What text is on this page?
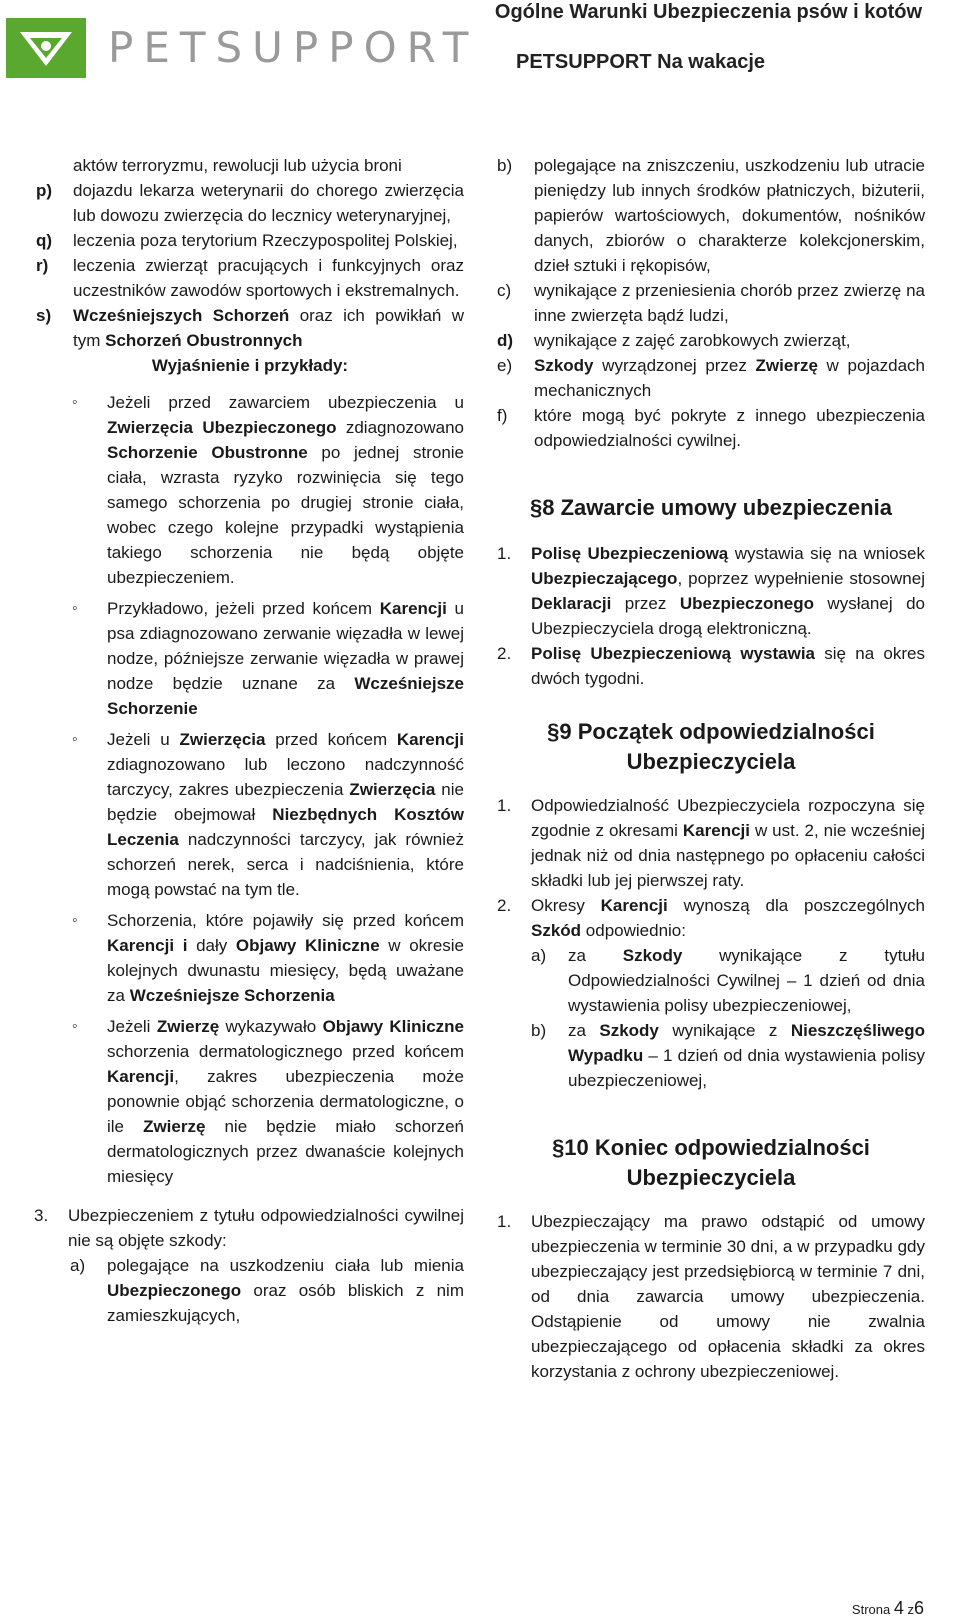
PETSUPPORT
Ogólne Warunki Ubezpieczenia psów i kotów
PETSUPPORT Na wakacje
aktów terroryzmu, rewolucji lub użycia broni
p)	dojazdu lekarza weterynarii do chorego zwierzęcia lub dowozu zwierzęcia do lecznicy weterynaryjnej,
q)	leczenia poza terytorium Rzeczypospolitej Polskiej,
r)	leczenia zwierząt pracujących i funkcyjnych oraz uczestników zawodów sportowych i ekstremalnych.
s)	Wcześniejszych Schorzeń oraz ich powikłań w tym Schorzeń Obustronnych
Wyjaśnienie i przykłady:
◦	Jeżeli przed zawarciem ubezpieczenia u Zwierzęcia Ubezpieczonego zdiagnozowano Schorzenie Obustronne po jednej stronie ciała, wzrasta ryzyko rozwinięcia się tego samego schorzenia po drugiej stronie ciała, wobec czego kolejne przypadki wystąpienia takiego schorzenia nie będą objęte ubezpieczeniem.
◦	Przykładowo, jeżeli przed końcem Karencji u psa zdiagnozowano zerwanie więzadła w lewej nodze, późniejsze zerwanie więzadła w prawej nodze będzie uznane za Wcześniejsze Schorzenie
◦	Jeżeli u Zwierzęcia przed końcem Karencji zdiagnozowano lub leczono nadczynność tarczycy, zakres ubezpieczenia Zwierzęcia nie będzie obejmował Niezbędnych Kosztów Leczenia nadczynności tarczycy, jak również schorzeń nerek, serca i nadciśnienia, które mogą powstać na tym tle.
◦	Schorzenia, które pojawiły się przed końcem Karencji i dały Objawy Kliniczne w okresie kolejnych dwunastu miesięcy, będą uważane za Wcześniejsze Schorzenia
◦	Jeżeli Zwierzę wykazywało Objawy Kliniczne schorzenia dermatologicznego przed końcem Karencji, zakres ubezpieczenia może ponownie objąć schorzenia dermatologiczne, o ile Zwierzę nie będzie miało schorzeń dermatologicznych przez dwanaście kolejnych miesięcy
3.	Ubezpieczeniem z tytułu odpowiedzialności cywilnej nie są objęte szkody:
a)	polegające na uszkodzeniu ciała lub mienia Ubezpieczonego oraz osób bliskich z nim zamieszkujących,
b)	polegające na zniszczeniu, uszkodzeniu lub utracie pieniędzy lub innych środków płatniczych, biżuterii, papierów wartościowych, dokumentów, nośników danych, zbiorów o charakterze kolekcjonerskim, dzieł sztuki i rękopisów,
c)	wynikające z przeniesienia chorób przez zwierzę na inne zwierzęta bądź ludzi,
d)	wynikające z zajęć zarobkowych zwierząt,
e)	Szkody wyrządzonej przez Zwierzę w pojazdach mechanicznych
f)	które mogą być pokryte z innego ubezpieczenia odpowiedzialności cywilnej.
§8 Zawarcie umowy ubezpieczenia
1.	Polisę Ubezpieczeniową wystawia się na wniosek Ubezpieczającego, poprzez wypełnienie stosownej Deklaracji przez Ubezpieczonego wysłanej do Ubezpieczyciela drogą elektroniczną.
2.	Polisę Ubezpieczeniową wystawia się na okres dwóch tygodni.
§9 Początek odpowiedzialności
Ubezpieczyciela
1.	Odpowiedzialność Ubezpieczyciela rozpoczyna się zgodnie z okresami Karencji w ust. 2, nie wcześniej jednak niż od dnia następnego po opłaceniu całości składki lub jej pierwszej raty.
2.	Okresy Karencji wynoszą dla poszczególnych Szkód odpowiednio:
a)	za Szkody wynikające z tytułu Odpowiedzialności Cywilnej – 1 dzień od dnia wystawienia polisy ubezpieczeniowej,
b)	za Szkody wynikające z Nieszczęśliwego Wypadku – 1 dzień od dnia wystawienia polisy ubezpieczeniowej,
§10 Koniec odpowiedzialności
Ubezpieczyciela
1.	Ubezpieczający ma prawo odstąpić od umowy ubezpieczenia w terminie 30 dni, a w przypadku gdy ubezpieczający jest przedsiębiorcą w terminie 7 dni, od dnia zawarcia umowy ubezpieczenia. Odstąpienie od umowy nie zwalnia ubezpieczającego od opłacenia składki za okres korzystania z ochrony ubezpieczeniowej.
Strona 4 z6
